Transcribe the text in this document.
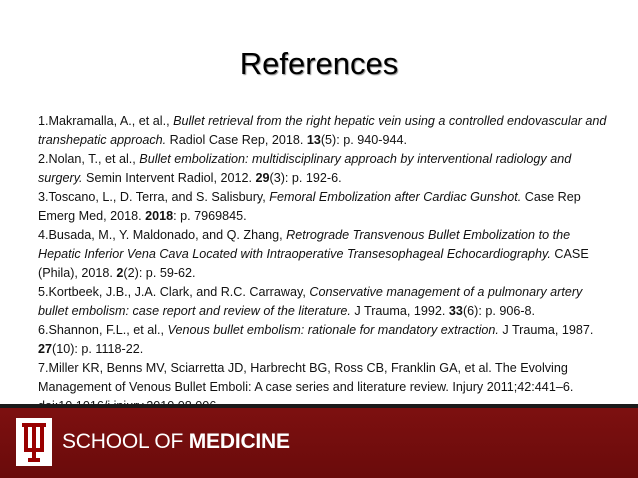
References

1.Makramalla, A., et al., Bullet retrieval from the right hepatic vein using a controlled endovascular and transhepatic approach. Radiol Case Rep, 2018. 13(5): p. 940-944.

2.Nolan, T., et al., Bullet embolization: multidisciplinary approach by interventional radiology and surgery. Semin Intervent Radiol, 2012. 29(3): p. 192-6.

3.Toscano, L., D. Terra, and S. Salisbury, Femoral Embolization after Cardiac Gunshot. Case Rep Emerg Med, 2018. 2018: p. 7969845.

4.Busada, M., Y. Maldonado, and Q. Zhang, Retrograde Transvenous Bullet Embolization to the Hepatic Inferior Vena Cava Located with Intraoperative Transesophageal Echocardiography. CASE (Phila), 2018. 2(2): p. 59-62.

5.Kortbeek, J.B., J.A. Clark, and R.C. Carraway, Conservative management of a pulmonary artery bullet embolism: case report and review of the literature. J Trauma, 1992. 33(6): p. 906-8.

6.Shannon, F.L., et al., Venous bullet embolism: rationale for mandatory extraction. J Trauma, 1987. 27(10): p. 1118-22.

7.Miller KR, Benns MV, Sciarretta JD, Harbrecht BG, Ross CB, Franklin GA, et al. The Evolving Management of Venous Bullet Emboli: A case series and literature review. Injury 2011;42:441–6.

SCHOOL OF MEDICINE
